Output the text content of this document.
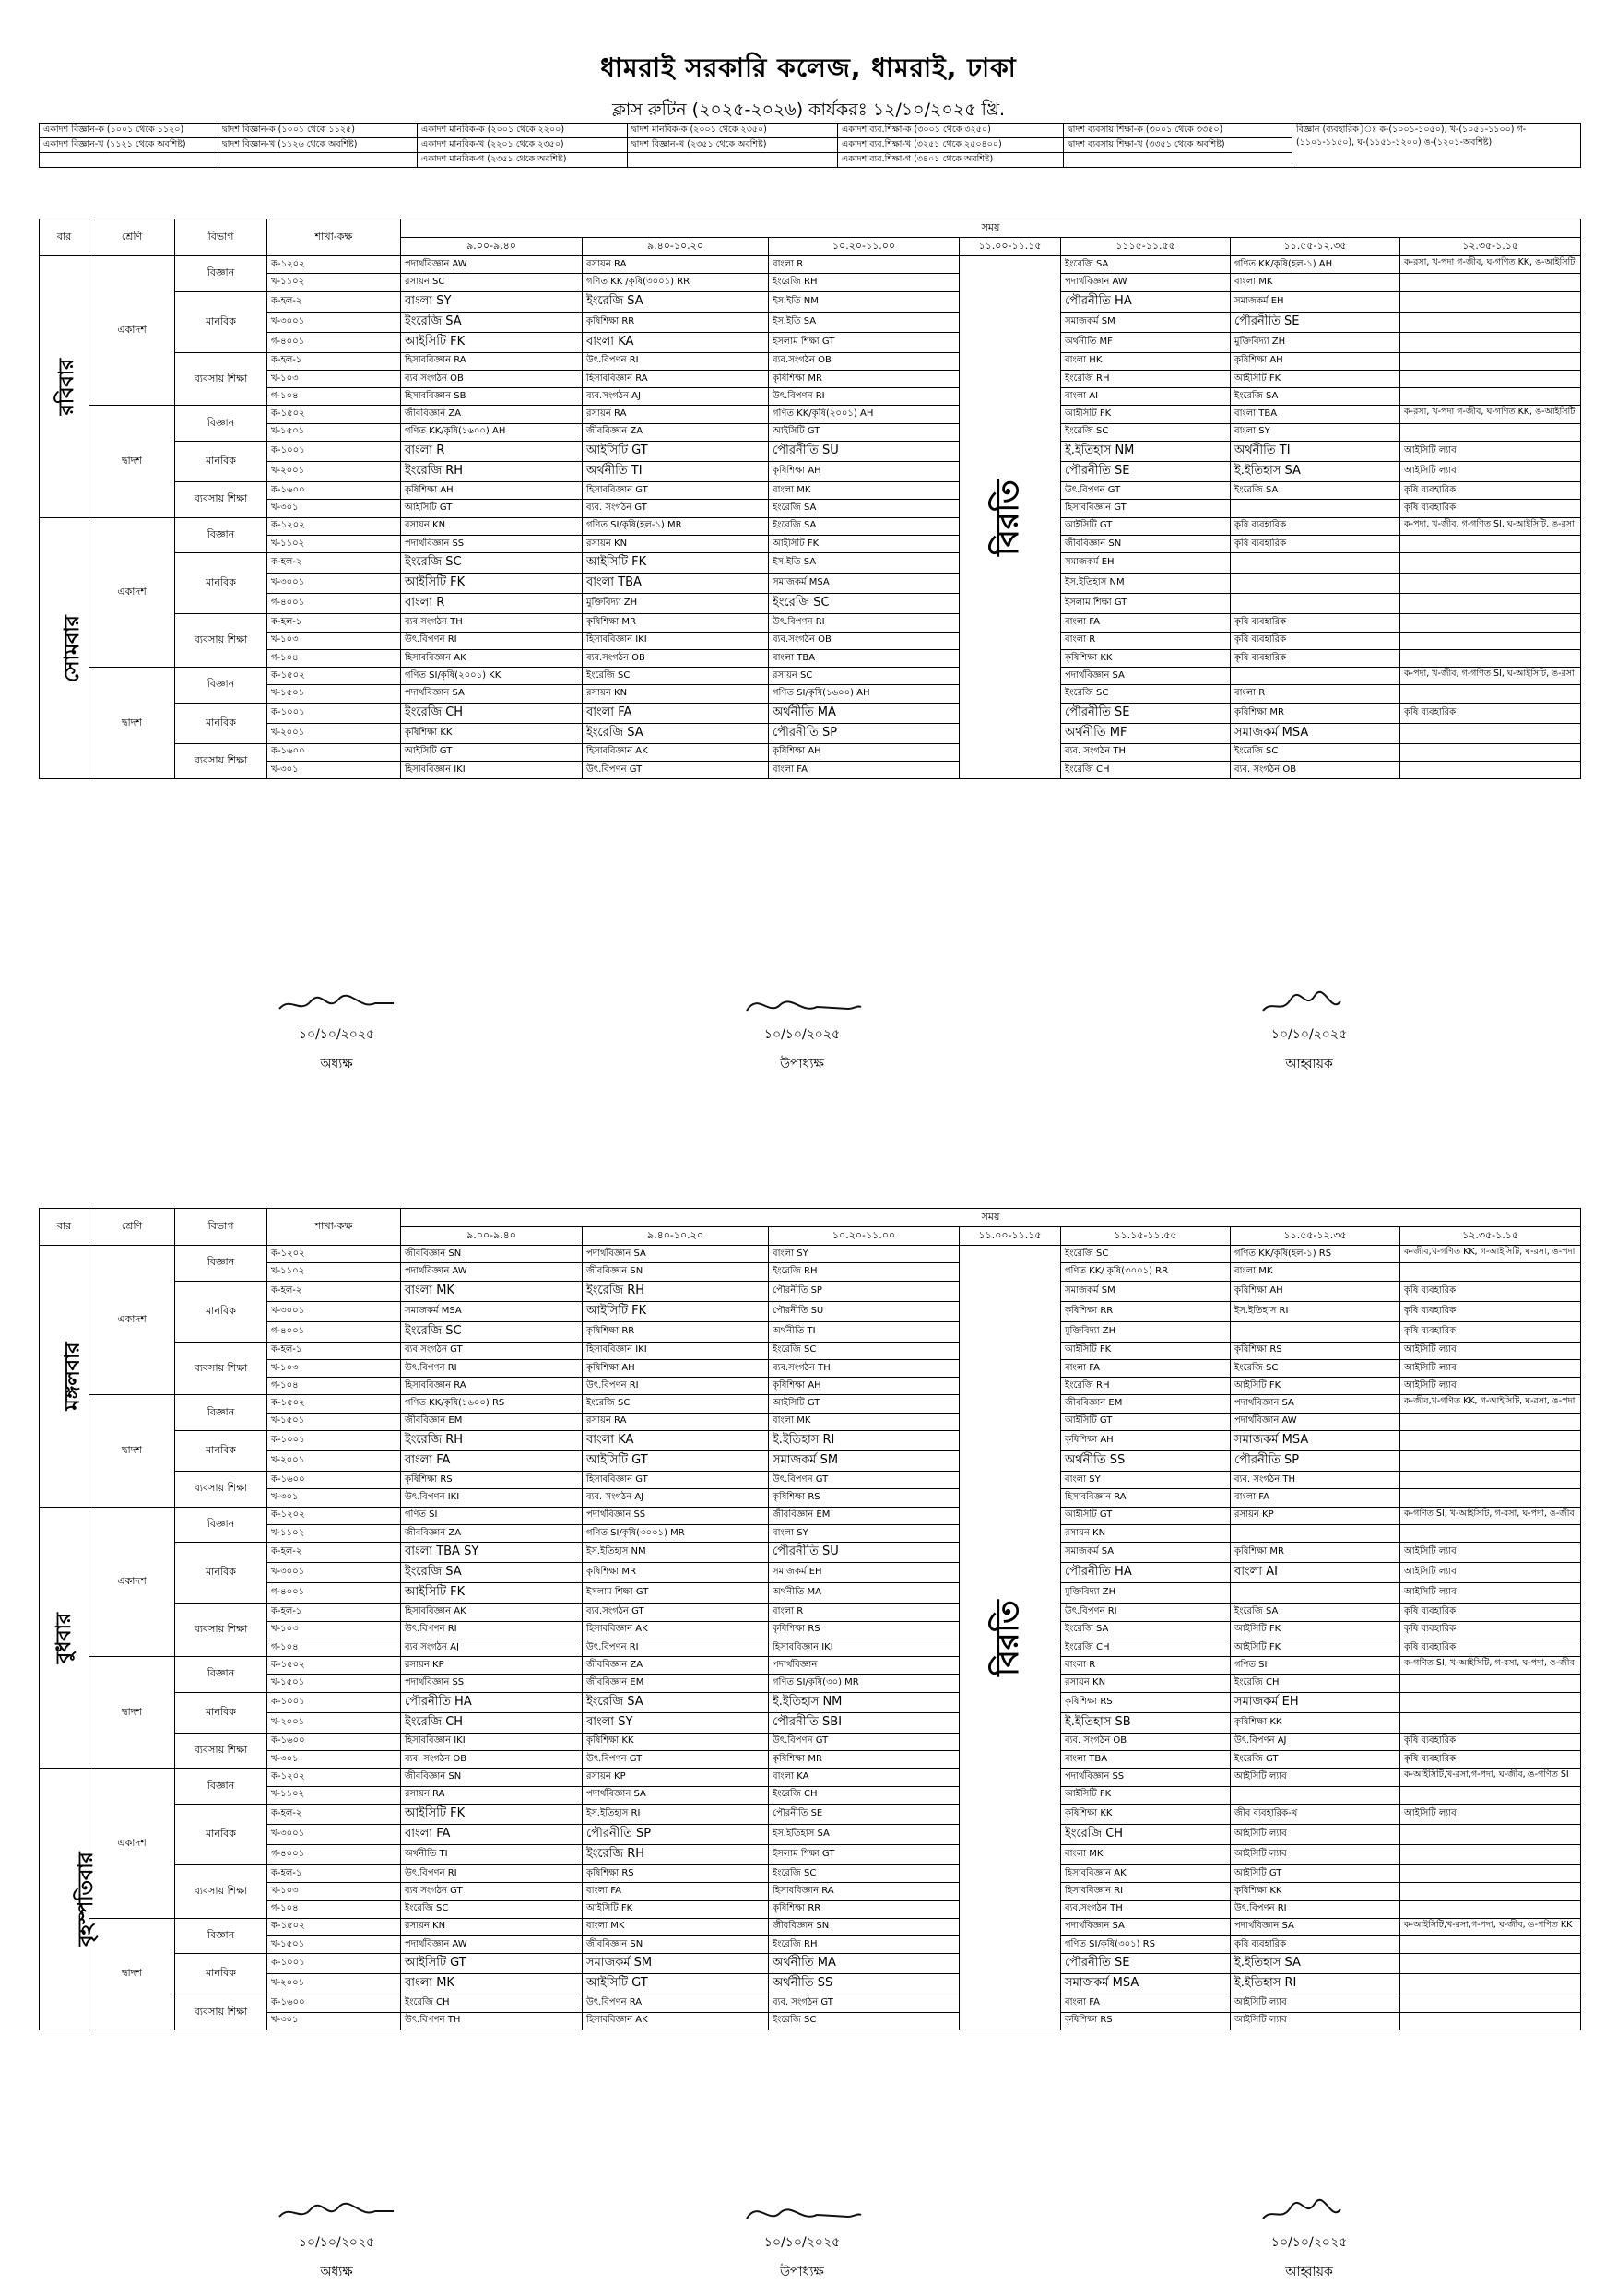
ধামরাই সরকারি কলেজ, ধামরাই, ঢাকা
ক্লাস রুটিন (২০২৫-২০২৬) কার্যকরঃ ১২/১০/২০২৫ খ্রি.
একাদশ বিজ্ঞান-ক (১০০১ থেকে ১১২০)	দ্বাদশ বিজ্ঞান-ক (১০০১ থেকে ১১২৫)	একাদশ মানবিক-ক (২০০১ থেকে ২২০০)	দ্বাদশ মানবিক-ক (২০০১ থেকে ২৩৫০)	একাদশ ব্যব.শিক্ষা-ক (৩০০১ থেকে ৩২৫০)	দ্বাদশ ব্যবসায় শিক্ষা-ক (৩০০১ থেকে ৩৩৫০)	বিজ্ঞান (ব্যবহারিক)ঃ ক-(১০০১-১০৫০), খ-(১০৫১-১১০০) গ-(১১০১-১১৫০), ঘ-(১১৫১-১২০০) ঙ-(১২০১-অবশিষ্ট)
একাদশ বিজ্ঞান-খ (১১২১ থেকে অবশিষ্ট)	দ্বাদশ বিজ্ঞান-খ (১১২৬ থেকে অবশিষ্ট)	একাদশ মানবিক-খ (২২০১ থেকে ২৩৫০)	দ্বাদশ বিজ্ঞান-খ (২৩৫১ থেকে অবশিষ্ট)	একাদশ ব্যব.শিক্ষা-খ (৩২৫১ থেকে ২৫০৪০০)	দ্বাদশ ব্যবসায় শিক্ষা-খ (৩৩৫১ থেকে অবশিষ্ট)	
		একাদশ মানবিক-গ (২৩৫১ থেকে অবশিষ্ট)		একাদশ ব্যব.শিক্ষা-গ (৩৪০১ থেকে অবশিষ্ট)		
বার	শ্রেণি	বিভাগ	শাখা-কক্ষ	সময়						
				৯.০০-৯.৪০	৯.৪০-১০.২০	১০.২০-১১.০০	১১.০০-১১.১৫	১১১৫-১১.৫৫	১১.৫৫-১২.৩৫	১২.৩৫-১.১৫
রবিবার	একাদশ	বিজ্ঞান	ক-১২০২	পদার্থবিজ্ঞান AW	রসায়ন RA	বাংলা R	বিরতি	ইংরেজি SA	গণিত KK/কৃষি(হল-১) AH	ক-রসা, খ-পদা গ-জীব, ঘ-গণিত KK, ঙ-আইসিটি
			খ-১১০২	রসায়ন SC	গণিত KK /কৃষি(৩০০১) RR	ইংরেজি RH		পদার্থবিজ্ঞান AW	বাংলা MK	
		মানবিক	ক-হল-২	বাংলা SY	ইংরেজি SA	ইস.ইতি NM		পৌরনীতি HA	সমাজকর্ম EH	
			খ-৩০০১	ইংরেজি SA	কৃষিশিক্ষা RR	ইস.ইতি SA		সমাজকর্ম SM	পৌরনীতি SE	
			গ-৪০০১	আইসিটি FK	বাংলা KA	ইসলাম শিক্ষা GT		অর্থনীতি MF	মুক্তিবিদ্যা ZH	
		ব্যবসায় শিক্ষা	ক-হল-১	হিসাববিজ্ঞান RA	উৎ.বিপণন RI	ব্যব.সংগঠন OB		বাংলা HK	কৃষিশিক্ষা AH	
			খ-১০৩	ব্যব.সংগঠন OB	হিসাববিজ্ঞান RA	কৃষিশিক্ষা MR		ইংরেজি RH	আইসিটি FK	
			গ-১০৪	হিসাববিজ্ঞান SB	ব্যব.সংগঠন AJ	উৎ.বিপণন RI		বাংলা AI	ইংরেজি SA	
	দ্বাদশ	বিজ্ঞান	ক-১৫০২	জীববিজ্ঞান ZA	রসায়ন RA	গণিত KK/কৃষি(২০০১) AH		আইসিটি FK	বাংলা TBA	ক-রসা, খ-পদা গ-জীব, ঘ-গণিত KK, ঙ-আইসিটি
			খ-১৫০১	গণিত KK/কৃষি(১৬০০) AH	জীববিজ্ঞান ZA	আইসিটি GT		ইংরেজি SC	বাংলা SY	
		মানবিক	ক-১০০১	বাংলা R	আইসিটি GT	পৌরনীতি SU		ই.ইতিহাস NM	অর্থনীতি TI	আইসিটি ল্যাব
			খ-২০০১	ইংরেজি RH	অর্থনীতি TI	কৃষিশিক্ষা AH		পৌরনীতি SE	ই.ইতিহাস SA	আইসিটি ল্যাব
		ব্যবসায় শিক্ষা	ক-১৬০০	কৃষিশিক্ষা AH	হিসাববিজ্ঞান GT	বাংলা MK		উৎ.বিপণন GT	ইংরেজি SA	কৃষি ব্যবহারিক
			খ-৩০১	আইসিটি GT	ব্যব. সংগঠন GT	ইংরেজি SA		হিসাববিজ্ঞান GT		কৃষি ব্যবহারিক
সোমবার	একাদশ	বিজ্ঞান	ক-১২০২	রসায়ন KN	গণিত SI/কৃষি(হল-১) MR	ইংরেজি SA		আইসিটি GT	কৃষি ব্যবহারিক	ক-পদা, খ-জীব, গ-গণিত SI, ঘ-আইসিটি, ঙ-রসা
			খ-১১০২	পদার্থবিজ্ঞান SS	রসায়ন KN	আইসিটি FK		জীববিজ্ঞান SN	কৃষি ব্যবহারিক	
		মানবিক	ক-হল-২	ইংরেজি SC	আইসিটি FK	ইস.ইতি SA		সমাজকর্ম EH		
			খ-৩০০১	আইসিটি FK	বাংলা TBA	সমাজকর্ম MSA		ইস.ইতিহাস NM		
			গ-৪০০১	বাংলা R	মুক্তিবিদ্যা ZH	ইংরেজি SC		ইসলাম শিক্ষা GT		
		ব্যবসায় শিক্ষা	ক-হল-১	ব্যব.সংগঠন TH	কৃষিশিক্ষা MR	উৎ.বিপণন RI		বাংলা FA	কৃষি ব্যবহারিক	
			খ-১০৩	উৎ.বিপণন RI	হিসাববিজ্ঞান IKI	ব্যব.সংগঠন OB		বাংলা R	কৃষি ব্যবহারিক	
			গ-১০৪	হিসাববিজ্ঞান AK	ব্যব.সংগঠন OB	বাংলা TBA		কৃষিশিক্ষা KK	কৃষি ব্যবহারিক	
	দ্বাদশ	বিজ্ঞান	ক-১৫০২	গণিত SI/কৃষি(২০০১) KK	ইংরেজি SC	রসায়ন SC		পদার্থবিজ্ঞান SA		ক-পদা, খ-জীব, গ-গণিত SI, ঘ-আইসিটি, ঙ-রসা
			খ-১৫০১	পদার্থবিজ্ঞান SA	রসায়ন KN	গণিত SI/কৃষি(১৬০০) AH		ইংরেজি SC	বাংলা R	
		মানবিক	ক-১০০১	ইংরেজি CH	বাংলা FA	অর্থনীতি MA		পৌরনীতি SE	কৃষিশিক্ষা MR	কৃষি ব্যবহারিক
			খ-২০০১	কৃষিশিক্ষা KK	ইংরেজি SA	পৌরনীতি SP		অর্থনীতি MF	সমাজকর্ম MSA	
		ব্যবসায় শিক্ষা	ক-১৬০০	আইসিটি GT	হিসাববিজ্ঞান AK	কৃষিশিক্ষা AH		ব্যব. সংগঠন TH	ইংরেজি SC	
			খ-৩০১	হিসাববিজ্ঞান IKI	উৎ.বিপণন GT	বাংলা FA		ইংরেজি CH	ব্যব. সংগঠন OB	
১০/১০/২০২৫
অধ্যক্ষ
১০/১০/২০২৫
উপাধ্যক্ষ
১০/১০/২০২৫
আহ্বায়ক
বার	শ্রেণি	বিভাগ	শাখা-কক্ষ	সময়						
				৯.০০-৯.৪০	৯.৪০-১০.২০	১০.২০-১১.০০	১১.০০-১১.১৫	১১.১৫-১১.৫৫	১১.৫৫-১২.৩৫	১২.৩৫-১.১৫
মঙ্গলবার	একাদশ	বিজ্ঞান	ক-১২০২	জীববিজ্ঞান SN	পদার্থবিজ্ঞান SA	বাংলা SY	বিরতি	ইংরেজি SC	গণিত KK/কৃষি(হল-১) RS	ক-জীব,খ-গণিত KK, গ-আইসিটি, ঘ-রসা, ঙ-পদা
			খ-১১০২	পদার্থবিজ্ঞান AW	জীববিজ্ঞান SN	ইংরেজি RH		গণিত KK/ কৃষি(৩০০১) RR	বাংলা MK	
		মানবিক	ক-হল-২	বাংলা MK	ইংরেজি RH	পৌরনীতি SP		সমাজকর্ম SM	কৃষিশিক্ষা AH	কৃষি ব্যবহারিক
			খ-৩০০১	সমাজকর্ম MSA	আইসিটি FK	পৌরনীতি SU		কৃষিশিক্ষা RR	ইস.ইতিহাস RI	কৃষি ব্যবহারিক
			গ-৪০০১	ইংরেজি SC	কৃষিশিক্ষা RR	অর্থনীতি TI		মুক্তিবিদ্যা ZH		কৃষি ব্যবহারিক
		ব্যবসায় শিক্ষা	ক-হল-১	ব্যব.সংগঠন GT	হিসাববিজ্ঞান IKI	ইংরেজি SC		আইসিটি FK	কৃষিশিক্ষা RS	আইসিটি ল্যাব
			খ-১০৩	উৎ.বিপণন RI	কৃষিশিক্ষা AH	ব্যব.সংগঠন TH		বাংলা FA	ইংরেজি SC	আইসিটি ল্যাব
			গ-১০৪	হিসাববিজ্ঞান RA	উৎ.বিপণন RI	কৃষিশিক্ষা AH		ইংরেজি RH	আইসিটি FK	আইসিটি ল্যাব
	দ্বাদশ	বিজ্ঞান	ক-১৫০২	গণিত KK/কৃষি(১৬০০) RS	ইংরেজি SC	আইসিটি GT		জীববিজ্ঞান EM	পদার্থবিজ্ঞান SA	ক-জীব,খ-গণিত KK, গ-আইসিটি, ঘ-রসা, ঙ-পদা
			খ-১৫০১	জীববিজ্ঞান EM	রসায়ন RA	বাংলা MK		আইসিটি GT	পদার্থবিজ্ঞান AW	
		মানবিক	ক-১০০১	ইংরেজি RH	বাংলা KA	ই.ইতিহাস RI		কৃষিশিক্ষা AH	সমাজকর্ম MSA	
			খ-২০০১	বাংলা FA	আইসিটি GT	সমাজকর্ম SM		অর্থনীতি SS	পৌরনীতি SP	
		ব্যবসায় শিক্ষা	ক-১৬০০	কৃষিশিক্ষা RS	হিসাববিজ্ঞান GT	উৎ.বিপণন GT		বাংলা SY	ব্যব. সংগঠন TH	
			খ-৩০১	উৎ.বিপণন IKI	ব্যব. সংগঠন AJ	কৃষিশিক্ষা RS		হিসাববিজ্ঞান RA	বাংলা FA	
বুধবার	একাদশ	বিজ্ঞান	ক-১২০২	গণিত SI	পদার্থবিজ্ঞান SS	জীববিজ্ঞান EM		আইসিটি GT	রসায়ন KP	ক-গণিত SI, খ-আইসিটি, গ-রসা, ঘ-পদা, ঙ-জীব
			খ-১১০২	জীববিজ্ঞান ZA	গণিত SI/কৃষি(৩০০১) MR	বাংলা SY		রসায়ন KN		
		মানবিক	ক-হল-২	বাংলা TBA SY	ইস.ইতিহাস NM	পৌরনীতি SU		সমাজকর্ম SA	কৃষিশিক্ষা MR	আইসিটি ল্যাব
			খ-৩০০১	ইংরেজি SA	কৃষিশিক্ষা MR	সমাজকর্ম EH		পৌরনীতি HA	বাংলা AI	আইসিটি ল্যাব
			গ-৪০০১	আইসিটি FK	ইসলাম শিক্ষা GT	অর্থনীতি MA		মুক্তিবিদ্যা ZH		আইসিটি ল্যাব
		ব্যবসায় শিক্ষা	ক-হল-১	হিসাববিজ্ঞান AK	ব্যব.সংগঠন GT	বাংলা R		উৎ.বিপণন RI	ইংরেজি SA	কৃষি ব্যবহারিক
			খ-১০৩	উৎ.বিপণন RI	হিসাববিজ্ঞান AK	কৃষিশিক্ষা RS		ইংরেজি SA	আইসিটি FK	কৃষি ব্যবহারিক
			গ-১০৪	ব্যব.সংগঠন AJ	উৎ.বিপণন RI	হিসাববিজ্ঞান IKI		ইংরেজি CH	আইসিটি FK	কৃষি ব্যবহারিক
	দ্বাদশ	বিজ্ঞান	ক-১৫০২	রসায়ন KP	জীববিজ্ঞান ZA	পদার্থবিজ্ঞান		বাংলা R	গণিত SI	ক-গণিত SI, খ-আইসিটি, গ-রসা, ঘ-পদা, ঙ-জীব
			খ-১৫০১	পদার্থবিজ্ঞান SS	জীববিজ্ঞান EM	গণিত SI/কৃষি(৩০) MR		রসায়ন KN	ইংরেজি CH	
		মানবিক	ক-১০০১	পৌরনীতি HA	ইংরেজি SA	ই.ইতিহাস NM		কৃষিশিক্ষা RS	সমাজকর্ম EH	
			খ-২০০১	ইংরেজি CH	বাংলা SY	পৌরনীতি SBI		ই.ইতিহাস SB	কৃষিশিক্ষা KK	
		ব্যবসায় শিক্ষা	ক-১৬০০	হিসাববিজ্ঞান IKI	কৃষিশিক্ষা KK	উৎ.বিপণন GT		ব্যব. সংগঠন OB	উৎ.বিপণন AJ	কৃষি ব্যবহারিক
			খ-৩০১	ব্যব. সংগঠন OB	উৎ.বিপণন GT	কৃষিশিক্ষা MR		বাংলা TBA	ইংরেজি GT	কৃষি ব্যবহারিক
বৃহস্পতিবার	একাদশ	বিজ্ঞান	ক-১২০২	জীববিজ্ঞান SN	রসায়ন KP	বাংলা KA		পদার্থবিজ্ঞান SS	আইসিটি ল্যাব	ক-আইসিটি,খ-রসা,গ-পদা, ঘ-জীব, ঙ-গণিত SI
			খ-১১০২	রসায়ন RA	পদার্থবিজ্ঞান SA	ইংরেজি CH		আইসিটি FK		
		মানবিক	ক-হল-২	আইসিটি FK	ইস.ইতিহাস RI	পৌরনীতি SE		কৃষিশিক্ষা KK	জীব ব্যবহারিক-খ	আইসিটি ল্যাব
			খ-৩০০১	বাংলা FA	পৌরনীতি SP	ইস.ইতিহাস SA		ইংরেজি CH	আইসিটি ল্যাব	
			গ-৪০০১	অর্থনীতি TI	ইংরেজি RH	ইসলাম শিক্ষা GT		বাংলা MK	আইসিটি ল্যাব	
		ব্যবসায় শিক্ষা	ক-হল-১	উৎ.বিপণন RI	কৃষিশিক্ষা RS	ইংরেজি SC		হিসাববিজ্ঞান AK	আইসিটি GT	
			খ-১০৩	ব্যব.সংগঠন GT	বাংলা FA	হিসাববিজ্ঞান RA		হিসাববিজ্ঞান RI	কৃষিশিক্ষা KK	
			গ-১০৪	ইংরেজি SC	আইসিটি FK	কৃষিশিক্ষা RR		ব্যব.সংগঠন TH	উৎ.বিপণন RI	
	দ্বাদশ	বিজ্ঞান	ক-১৫০২	রসায়ন KN	বাংলা MK	জীববিজ্ঞান SN		পদার্থবিজ্ঞান SA	পদার্থবিজ্ঞান SA	ক-আইসিটি,খ-রসা,গ-পদা, ঘ-জীব, ঙ-গণিত KK
			খ-১৫০১	পদার্থবিজ্ঞান AW	জীববিজ্ঞান SN	ইংরেজি RH		গণিত SI/কৃষি(৩০১) RS	কৃষি ব্যবহারিক	
		মানবিক	ক-১০০১	আইসিটি GT	সমাজকর্ম SM	অর্থনীতি MA		পৌরনীতি SE	ই.ইতিহাস SA	
			খ-২০০১	বাংলা MK	আইসিটি GT	অর্থনীতি SS		সমাজকর্ম MSA	ই.ইতিহাস RI	
		ব্যবসায় শিক্ষা	ক-১৬০০	ইংরেজি CH	উৎ.বিপণন RA	ব্যব. সংগঠন GT		বাংলা FA	আইসিটি ল্যাব	
			খ-৩০১	উৎ.বিপণন TH	হিসাববিজ্ঞান AK	ইংরেজি SC		কৃষিশিক্ষা RS	আইসিটি ল্যাব	
১০/১০/২০২৫
অধ্যক্ষ
১০/১০/২০২৫
উপাধ্যক্ষ
১০/১০/২০২৫
আহ্বায়ক
